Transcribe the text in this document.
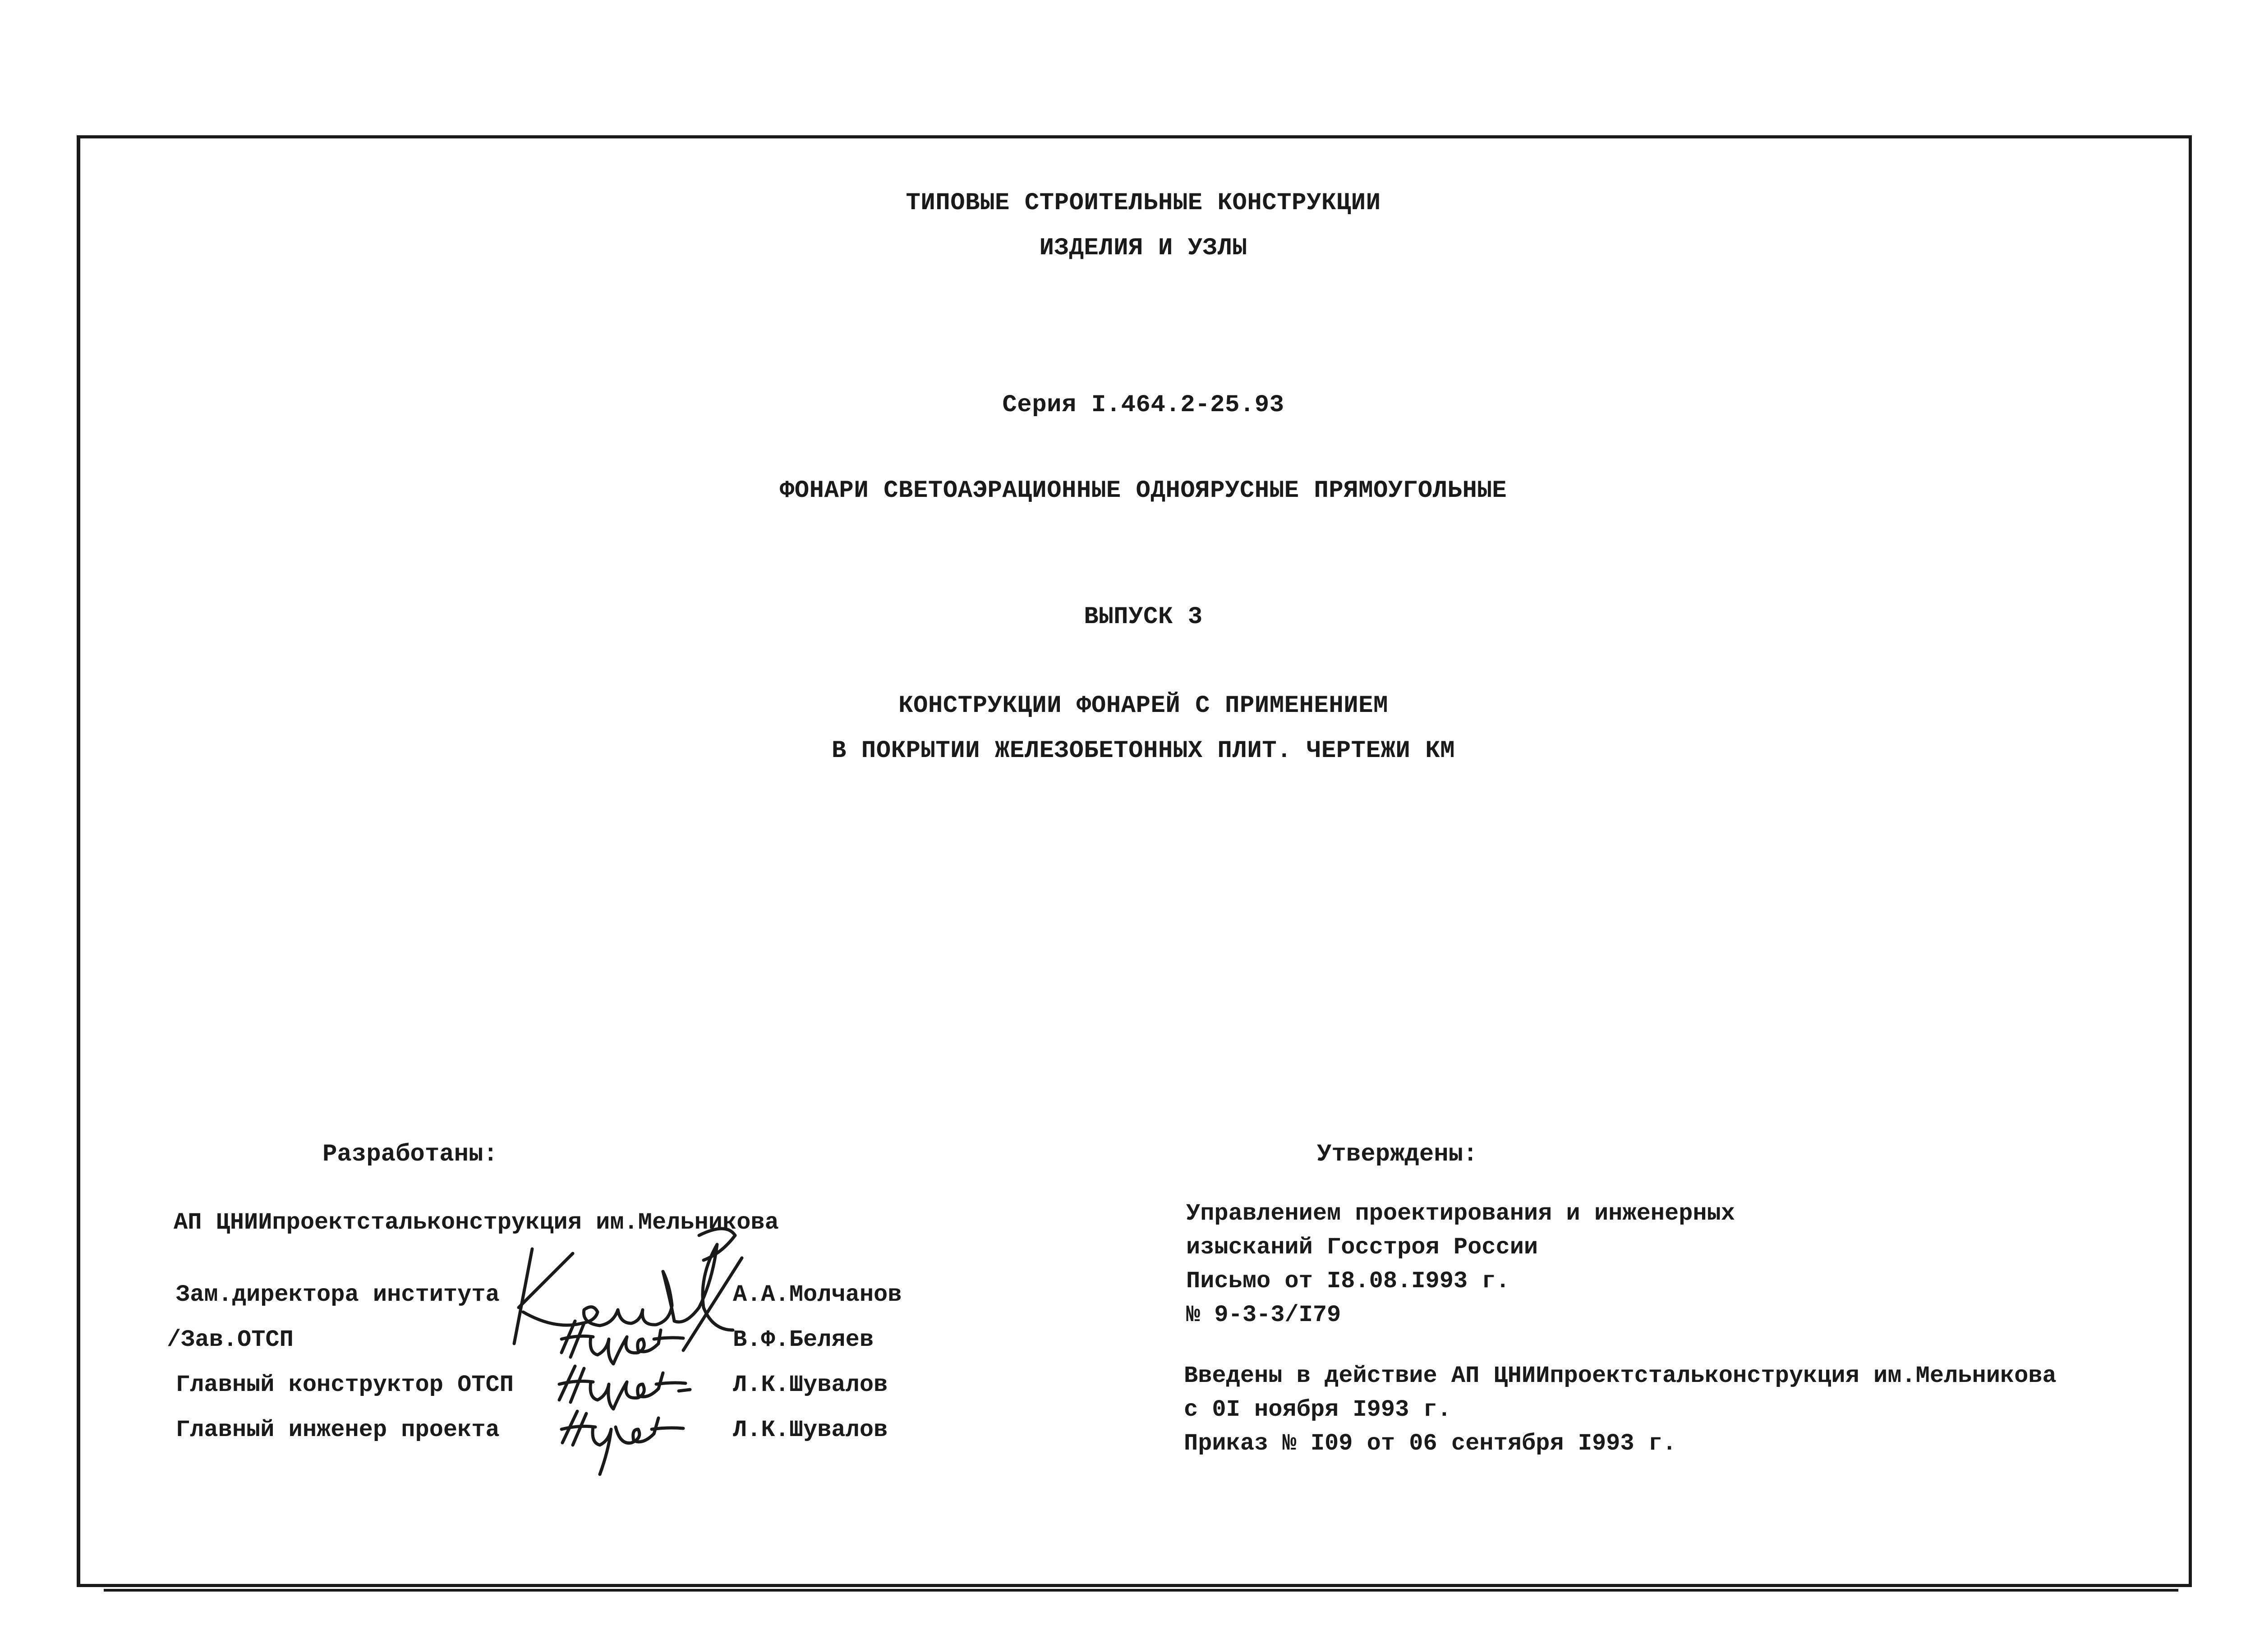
ТИПОВЫЕ СТРОИТЕЛЬНЫЕ КОНСТРУКЦИИ
ИЗДЕЛИЯ И УЗЛЫ
Серия I.464.2-25.93
ФОНАРИ СВЕТОАЭРАЦИОННЫЕ ОДНОЯРУСНЫЕ ПРЯМОУГОЛЬНЫЕ
ВЫПУСК 3
КОНСТРУКЦИИ ФОНАРЕЙ С ПРИМЕНЕНИЕМ
В ПОКРЫТИИ ЖЕЛЕЗОБЕТОННЫХ ПЛИТ. ЧЕРТЕЖИ КМ
Разработаны:
АП ЦНИИпроектстальконструкция им.Мельникова
Зам.директора института
/Зав.ОТСП
Главный конструктор ОТСП
Главный инженер проекта
А.А.Молчанов
В.Ф.Беляев
Л.К.Шувалов
Л.К.Шувалов
Утверждены:
Управлением проектирования и инженерных
изысканий Госстроя России
Письмо от I8.08.I993 г.
№ 9-3-3/I79
Введены в действие АП ЦНИИпроектстальконструкция им.Мельникова
с 0I ноября I993 г.
Приказ № I09 от 06 сентября I993 г.
